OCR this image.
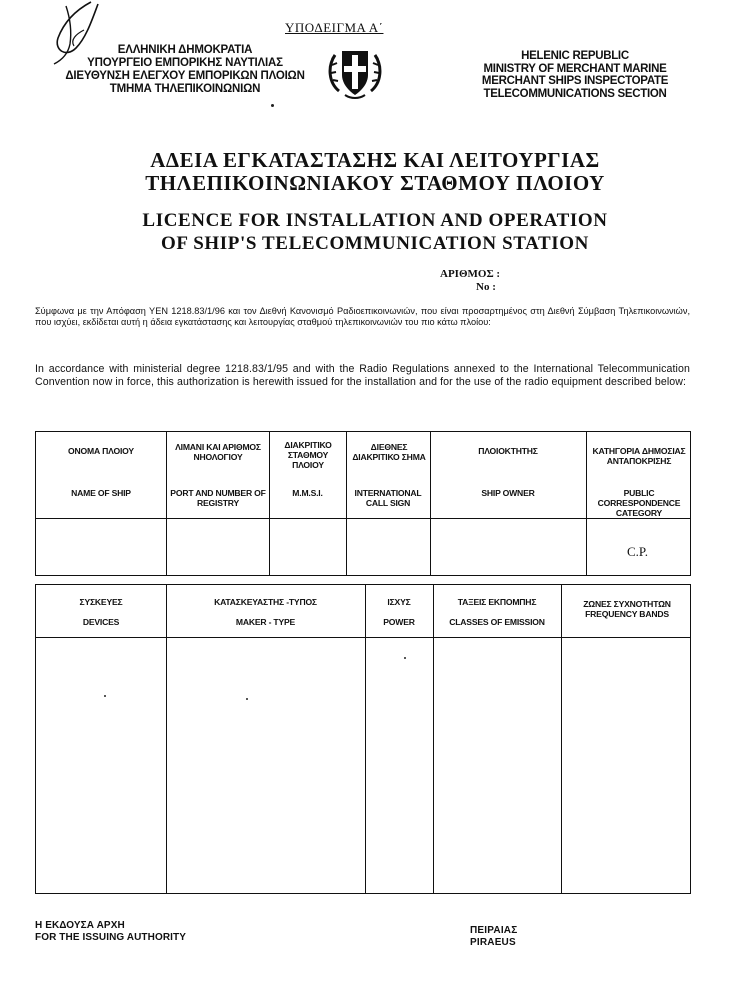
ΕΛΛΗΝΙΚΗ ΔΗΜΟΚΡΑΤΙΑ
ΥΠΟΥΡΓΕΙΟ ΕΜΠΟΡΙΚΗΣ ΝΑΥΤΙΛΙΑΣ
ΔΙΕΥΘΥΝΣΗ ΕΛΕΓΧΟΥ ΕΜΠΟΡΙΚΩΝ ΠΛΟΙΩΝ
ΤΜΗΜΑ ΤΗΛΕΠΙΚΟΙΝΩΝΙΩΝ
ΥΠΟΔΕΙΓΜΑ Α΄
HELENIC REPUBLIC
MINISTRY OF MERCHANT MARINE
MERCHANT SHIPS INSPECTOPATE
TELECOMMUNICATIONS SECTION
ΑΔΕΙΑ ΕΓΚΑΤΑΣΤΑΣΗΣ ΚΑΙ ΛΕΙΤΟΥΡΓΙΑΣ
ΤΗΛΕΠΙΚΟΙΝΩΝΙΑΚΟΥ ΣΤΑΘΜΟΥ ΠΛΟΙΟΥ
LICENCE FOR INSTALLATION AND OPERATION
OF SHIP'S TELECOMMUNICATION STATION
ΑΡΙΘΜΟΣ :
No :
Σύμφωνα με την Απόφαση ΥΕΝ 1218.83/1/96 και τον Διεθνή Κανονισμό Ραδιοεπικοινωνιών, που είναι προσαρτημένος στη Διεθνή Σύμβαση Τηλεπικοινωνιών, που ισχύει, εκδίδεται αυτή η άδεια εγκατάστασης και λειτουργίας σταθμού τηλεπικοινωνιών του πιο κάτω πλοίου:
In accordance with ministerial degree 1218.83/1/95 and with the Radio Regulations annexed to the International Telecommunication Convention now in force, this authorization is herewith issued for the installation and for the use of the radio equipment described below:
ΟΝΟΜΑ ΠΛΟΙΟΥ
NAME OF SHIP
ΛΙΜΑΝΙ ΚΑΙ ΑΡΙΘΜΟΣ ΝΗΟΛΟΓΙΟΥ
PORT AND NUMBER OF REGISTRY
ΔΙΑΚΡΙΤΙΚΟ ΣΤΑΘΜΟΥ ΠΛΟΙΟΥ
M.M.S.I.
ΔΙΕΘΝΕΣ ΔΙΑΚΡΙΤΙΚΟ ΣΗΜΑ
INTERNATIONAL CALL SIGN
ΠΛΟΙΟΚΤΗΤΗΣ
SHIP OWNER
ΚΑΤΗΓΟΡΙΑ ΔΗΜΟΣΙΑΣ ΑΝΤΑΠΟΚΡΙΣΗΣ
PUBLIC CORRESPONDENCE CATEGORY
C.P.
ΣΥΣΚΕΥΕΣ
DEVICES
ΚΑΤΑΣΚΕΥΑΣΤΗΣ -ΤΥΠΟΣ
MAKER - TYPE
ΙΣΧΥΣ
POWER
ΤΑΞΕΙΣ ΕΚΠΟΜΠΗΣ
CLASSES OF EMISSION
ΖΩΝΕΣ ΣΥΧΝΟΤΗΤΩΝ
FREQUENCY BANDS
Η ΕΚΔΟΥΣΑ ΑΡΧΗ
FOR THE ISSUING AUTHORITY
ΠΕΙΡΑΙΑΣ
PIRAEUS
